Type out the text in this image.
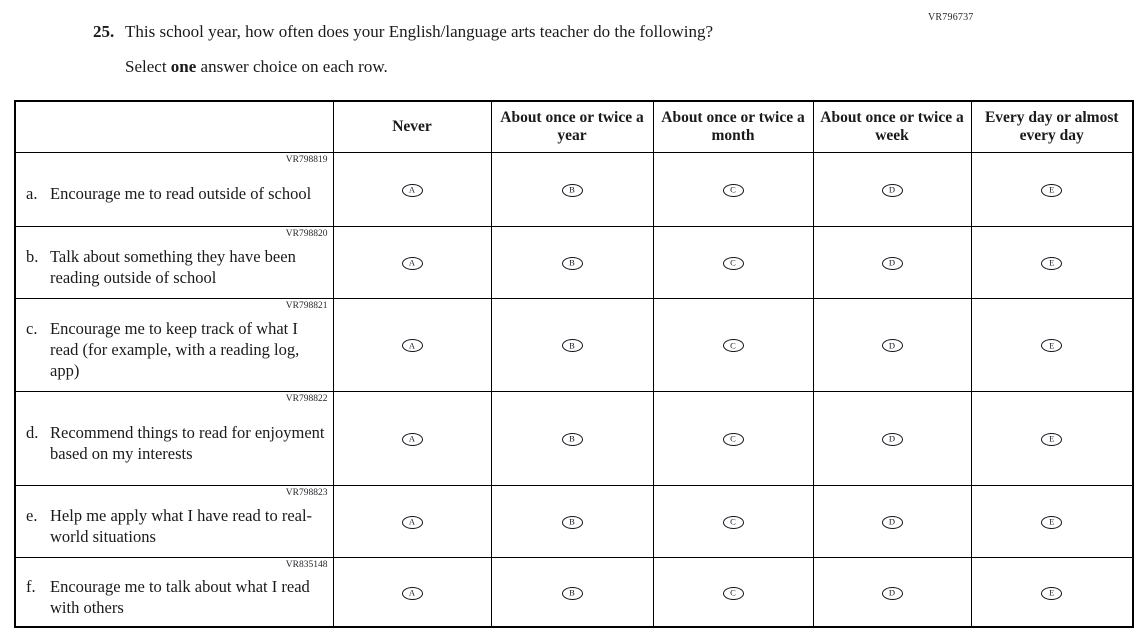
VR796737
25. This school year, how often does your English/language arts teacher do the following?
Select one answer choice on each row.
	Never	About once or twice a year	About once or twice a month	About once or twice a week	Every day or almost every day

VR798819
a. Encourage me to read outside of school	A	B	C	D	E

VR798820
b. Talk about something they have been reading outside of school	A	B	C	D	E

VR798821
c. Encourage me to keep track of what I read (for example, with a reading log, app)	A	B	C	D	E

VR798822
d. Recommend things to read for enjoyment based on my interests	A	B	C	D	E

VR798823
e. Help me apply what I have read to real-world situations	A	B	C	D	E

VR835148
f. Encourage me to talk about what I read with others	A	B	C	D	E
